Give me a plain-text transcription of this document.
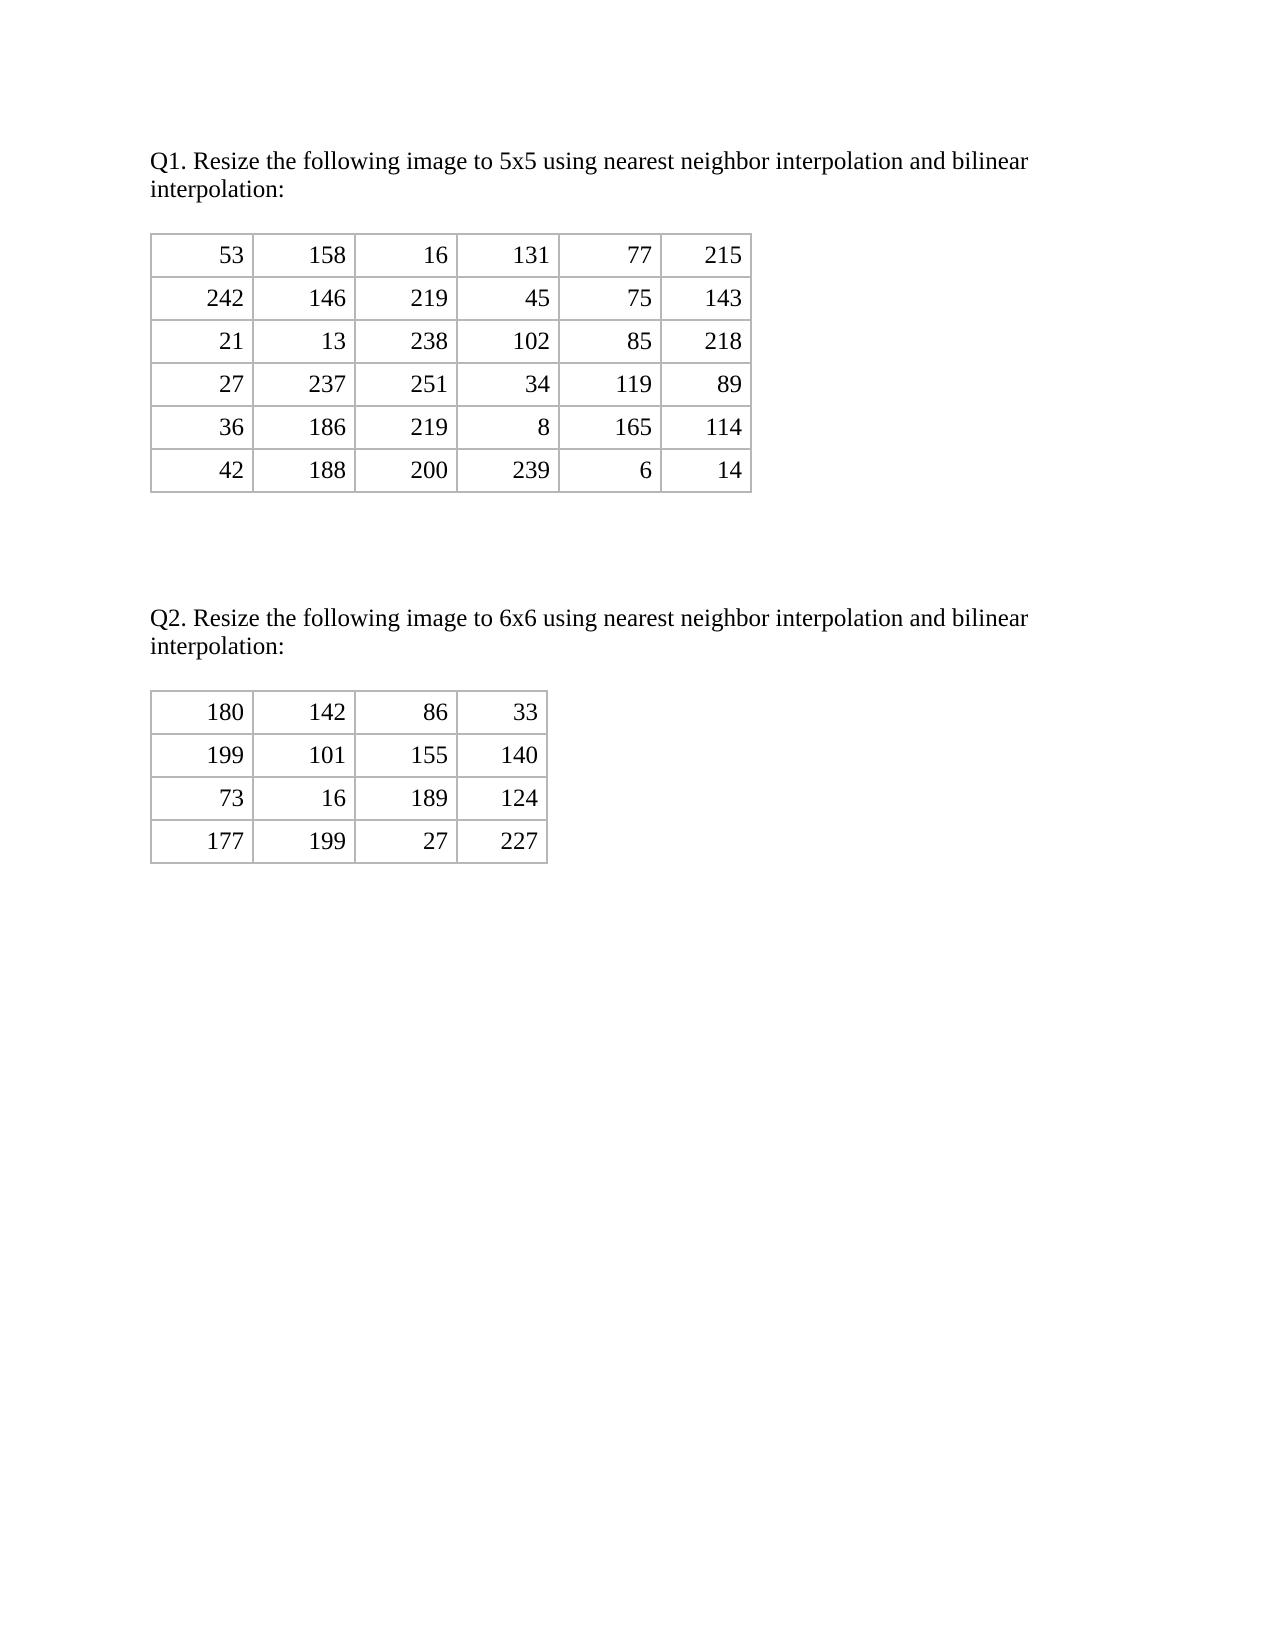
Q1. Resize the following image to 5x5 using nearest neighbor interpolation and bilinear interpolation:

53	158	16	131	77	215
242	146	219	45	75	143
21	13	238	102	85	218
27	237	251	34	119	89
36	186	219	8	165	114
42	188	200	239	6	14

Q2. Resize the following image to 6x6 using nearest neighbor interpolation and bilinear interpolation:

180	142	86	33
199	101	155	140
73	16	189	124
177	199	27	227
